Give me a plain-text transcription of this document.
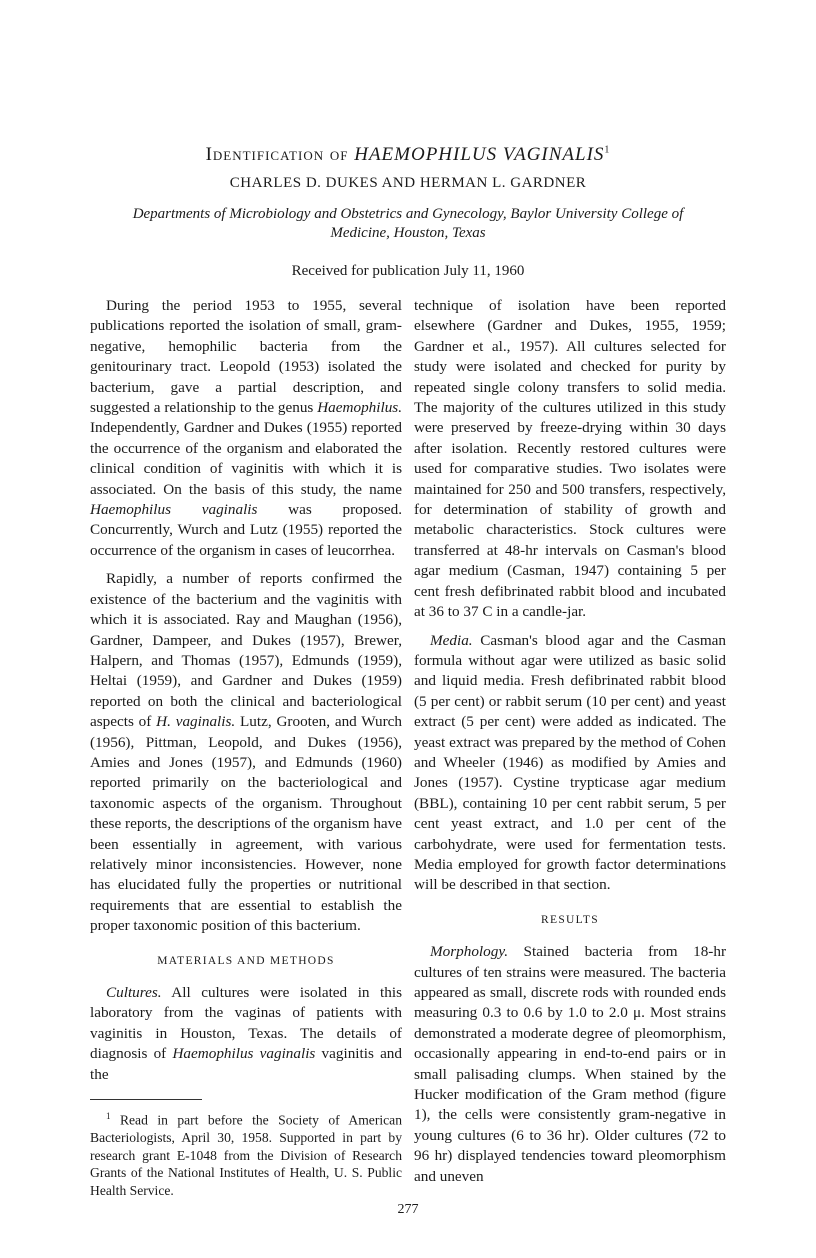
Identification of HAEMOPHILUS VAGINALIS$^1$
CHARLES D. DUKES AND HERMAN L. GARDNER
Departments of Microbiology and Obstetrics and Gynecology, Baylor University College of Medicine, Houston, Texas
Received for publication July 11, 1960

During the period 1953 to 1955, several publications reported the isolation of small, gram-negative, hemophilic bacteria from the genitourinary tract. Leopold (1953) isolated the bacterium, gave a partial description, and suggested a relationship to the genus Haemophilus. Independently, Gardner and Dukes (1955) reported the occurrence of the organism and elaborated the clinical condition of vaginitis with which it is associated. On the basis of this study, the name Haemophilus vaginalis was proposed. Concurrently, Wurch and Lutz (1955) reported the occurrence of the organism in cases of leucorrhea.

Rapidly, a number of reports confirmed the existence of the bacterium and the vaginitis with which it is associated. Ray and Maughan (1956), Gardner, Dampeer, and Dukes (1957), Brewer, Halpern, and Thomas (1957), Edmunds (1959), Heltai (1959), and Gardner and Dukes (1959) reported on both the clinical and bacteriological aspects of H. vaginalis. Lutz, Grooten, and Wurch (1956), Pittman, Leopold, and Dukes (1956), Amies and Jones (1957), and Edmunds (1960) reported primarily on the bacteriological and taxonomic aspects of the organism. Throughout these reports, the descriptions of the organism have been essentially in agreement, with various relatively minor inconsistencies. However, none has elucidated fully the properties or nutritional requirements that are essential to establish the proper taxonomic position of this bacterium.

MATERIALS AND METHODS

Cultures. All cultures were isolated in this laboratory from the vaginas of patients with vaginitis in Houston, Texas. The details of diagnosis of Haemophilus vaginalis vaginitis and the

$^1$ Read in part before the Society of American Bacteriologists, April 30, 1958. Supported in part by research grant E-1048 from the Division of Research Grants of the National Institutes of Health, U. S. Public Health Service.

technique of isolation have been reported elsewhere (Gardner and Dukes, 1955, 1959; Gardner et al., 1957). All cultures selected for study were isolated and checked for purity by repeated single colony transfers to solid media. The majority of the cultures utilized in this study were preserved by freeze-drying within 30 days after isolation. Recently restored cultures were used for comparative studies. Two isolates were maintained for 250 and 500 transfers, respectively, for determination of stability of growth and metabolic characteristics. Stock cultures were transferred at 48-hr intervals on Casman's blood agar medium (Casman, 1947) containing 5 per cent fresh defibrinated rabbit blood and incubated at 36 to 37 C in a candle-jar.

Media. Casman's blood agar and the Casman formula without agar were utilized as basic solid and liquid media. Fresh defibrinated rabbit blood (5 per cent) or rabbit serum (10 per cent) and yeast extract (5 per cent) were added as indicated. The yeast extract was prepared by the method of Cohen and Wheeler (1946) as modified by Amies and Jones (1957). Cystine trypticase agar medium (BBL), containing 10 per cent rabbit serum, 5 per cent yeast extract, and 1.0 per cent of the carbohydrate, were used for fermentation tests. Media employed for growth factor determinations will be described in that section.

RESULTS

Morphology. Stained bacteria from 18-hr cultures of ten strains were measured. The bacteria appeared as small, discrete rods with rounded ends measuring 0.3 to 0.6 by 1.0 to 2.0 μ. Most strains demonstrated a moderate degree of pleomorphism, occasionally appearing in end-to-end pairs or in small palisading clumps. When stained by the Hucker modification of the Gram method (figure 1), the cells were consistently gram-negative in young cultures (6 to 36 hr). Older cultures (72 to 96 hr) displayed tendencies toward pleomorphism and uneven

277
